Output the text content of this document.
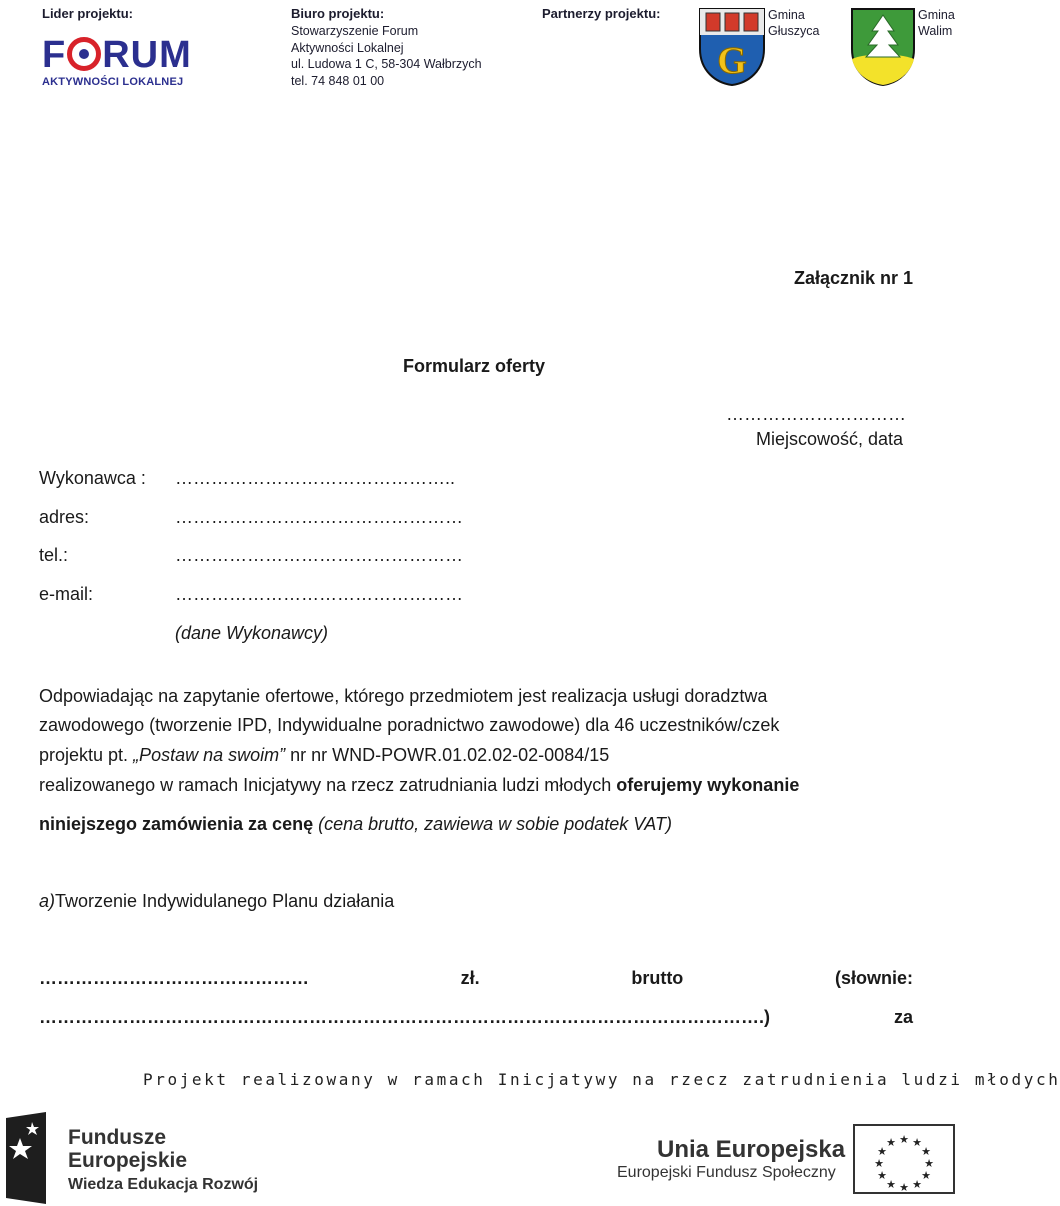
Lider projektu:	Biuro projektu:	Partnerzy projektu:
F RUM
AKTYWNOŚCI LOKALNEJ
Stowarzyszenie Forum
Aktywności Lokalnej
ul. Ludowa 1 C, 58-304 Wałbrzych
tel. 74 848 01 00	G
Gmina
Głuszyca
Gmina
Walim
Załącznik nr 1
Formularz oferty
…………………………
Miejscowość, data
Wykonawca : ………………………………………..
adres:	…………………………………………
tel.:	…………………………………………
e-mail:	…………………………………………
(dane Wykonawcy)
Odpowiadając na zapytanie ofertowe, którego przedmiotem jest realizacja usługi doradztwa
zawodowego (tworzenie IPD, Indywidualne poradnictwo zawodowe) dla 46 uczestników/czek
projektu pt. „Postaw na swoim” nr nr WND-POWR.01.02.02-02-0084/15
realizowanego w ramach Inicjatywy na rzecz zatrudniania ludzi młodych oferujemy wykonanie
niniejszego zamówienia za cenę (cena brutto, zawiewa w sobie podatek VAT)
a)Tworzenie Indywidulanego Planu działania
………………………………………	zł.	brutto	(słownie:
………………………………………………………………………………………………………….)	za
Projekt realizowany w ramach Inicjatywy na rzecz zatrudnienia ludzi młodych
Fundusze
Europejskie
Wiedza Edukacja Rozwój
Unia Europejska
Europejski Fundusz Społeczny
★ ★
★
★
★
★
★
★
★
★
★
★
